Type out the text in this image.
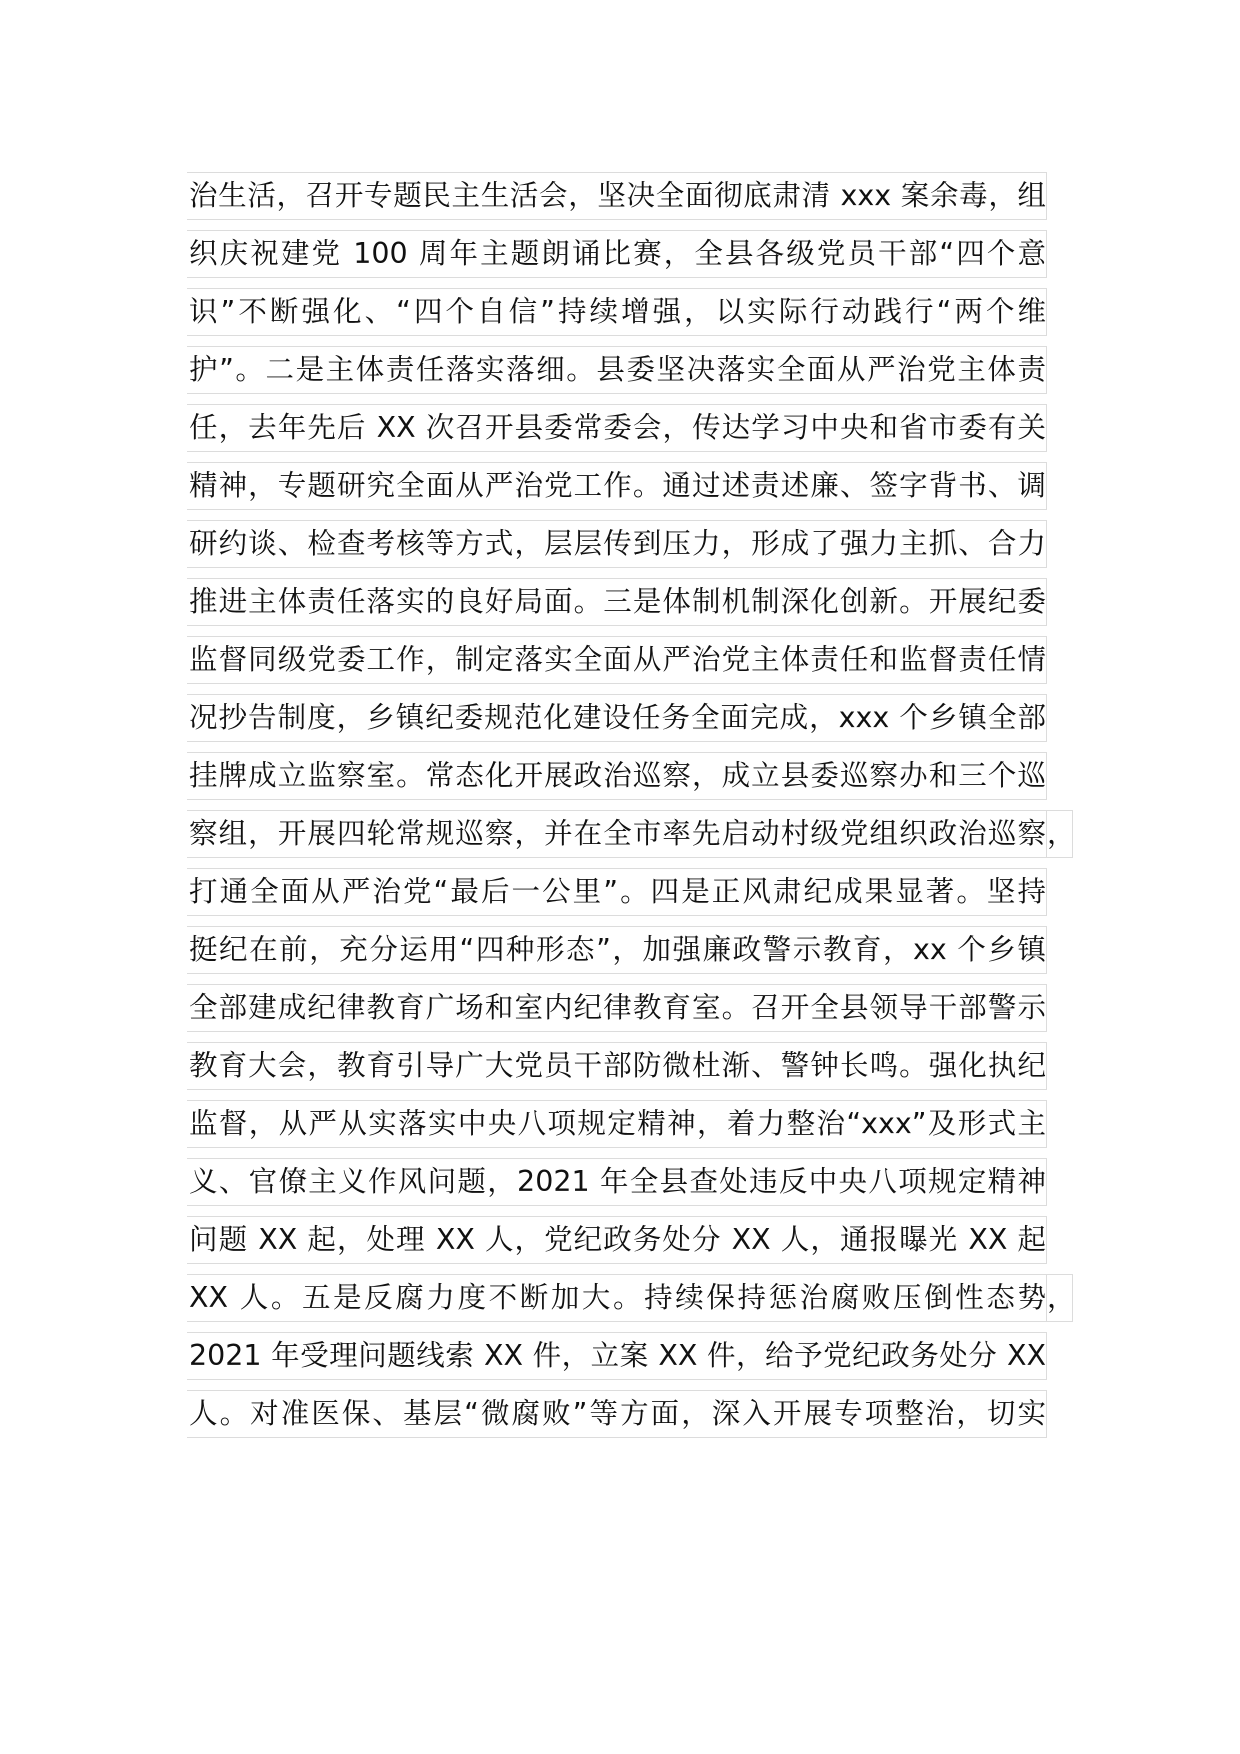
治生活，召开专题民主生活会，坚决全面彻底肃清 xxx 案余毒，组
织庆祝建党 100 周年主题朗诵比赛，全县各级党员干部“四个意
识”不断强化、“四个自信”持续增强，以实际行动践行“两个维
护”。二是主体责任落实落细。县委坚决落实全面从严治党主体责
任，去年先后 XX 次召开县委常委会，传达学习中央和省市委有关
精神，专题研究全面从严治党工作。通过述责述廉、签字背书、调
研约谈、检查考核等方式，层层传到压力，形成了强力主抓、合力
推进主体责任落实的良好局面。三是体制机制深化创新。开展纪委
监督同级党委工作，制定落实全面从严治党主体责任和监督责任情
况抄告制度，乡镇纪委规范化建设任务全面完成，xxx 个乡镇全部
挂牌成立监察室。常态化开展政治巡察，成立县委巡察办和三个巡
察组，开展四轮常规巡察，并在全市率先启动村级党组织政治巡察，
打通全面从严治党“最后一公里”。四是正风肃纪成果显著。坚持
挺纪在前，充分运用“四种形态”，加强廉政警示教育，xx 个乡镇
全部建成纪律教育广场和室内纪律教育室。召开全县领导干部警示
教育大会，教育引导广大党员干部防微杜渐、警钟长鸣。强化执纪
监督，从严从实落实中央八项规定精神，着力整治“xxx”及形式主
义、官僚主义作风问题，2021 年全县查处违反中央八项规定精神
问题 XX 起，处理 XX 人，党纪政务处分 XX 人，通报曝光 XX 起
XX 人。五是反腐力度不断加大。持续保持惩治腐败压倒性态势，
2021 年受理问题线索 XX 件，立案 XX 件，给予党纪政务处分 XX
人。对准医保、基层“微腐败”等方面，深入开展专项整治，切实
